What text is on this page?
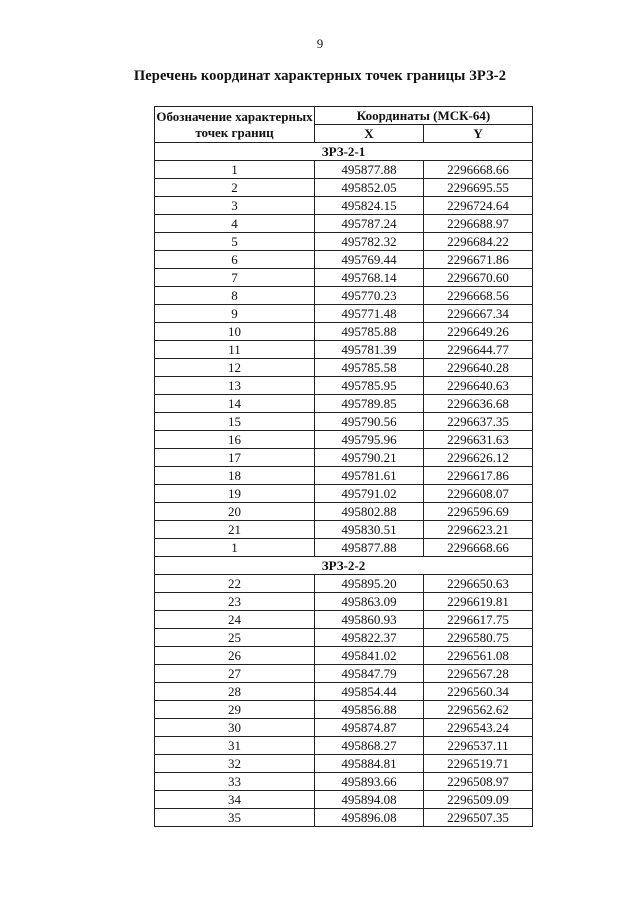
9
Перечень координат характерных точек границы ЗРЗ-2
Обозначение характерных точек границ	Координаты (МСК-64)	
	X	Y
ЗРЗ-2-1		
1	495877.88	2296668.66
2	495852.05	2296695.55
3	495824.15	2296724.64
4	495787.24	2296688.97
5	495782.32	2296684.22
6	495769.44	2296671.86
7	495768.14	2296670.60
8	495770.23	2296668.56
9	495771.48	2296667.34
10	495785.88	2296649.26
11	495781.39	2296644.77
12	495785.58	2296640.28
13	495785.95	2296640.63
14	495789.85	2296636.68
15	495790.56	2296637.35
16	495795.96	2296631.63
17	495790.21	2296626.12
18	495781.61	2296617.86
19	495791.02	2296608.07
20	495802.88	2296596.69
21	495830.51	2296623.21
1	495877.88	2296668.66
ЗРЗ-2-2		
22	495895.20	2296650.63
23	495863.09	2296619.81
24	495860.93	2296617.75
25	495822.37	2296580.75
26	495841.02	2296561.08
27	495847.79	2296567.28
28	495854.44	2296560.34
29	495856.88	2296562.62
30	495874.87	2296543.24
31	495868.27	2296537.11
32	495884.81	2296519.71
33	495893.66	2296508.97
34	495894.08	2296509.09
35	495896.08	2296507.35
